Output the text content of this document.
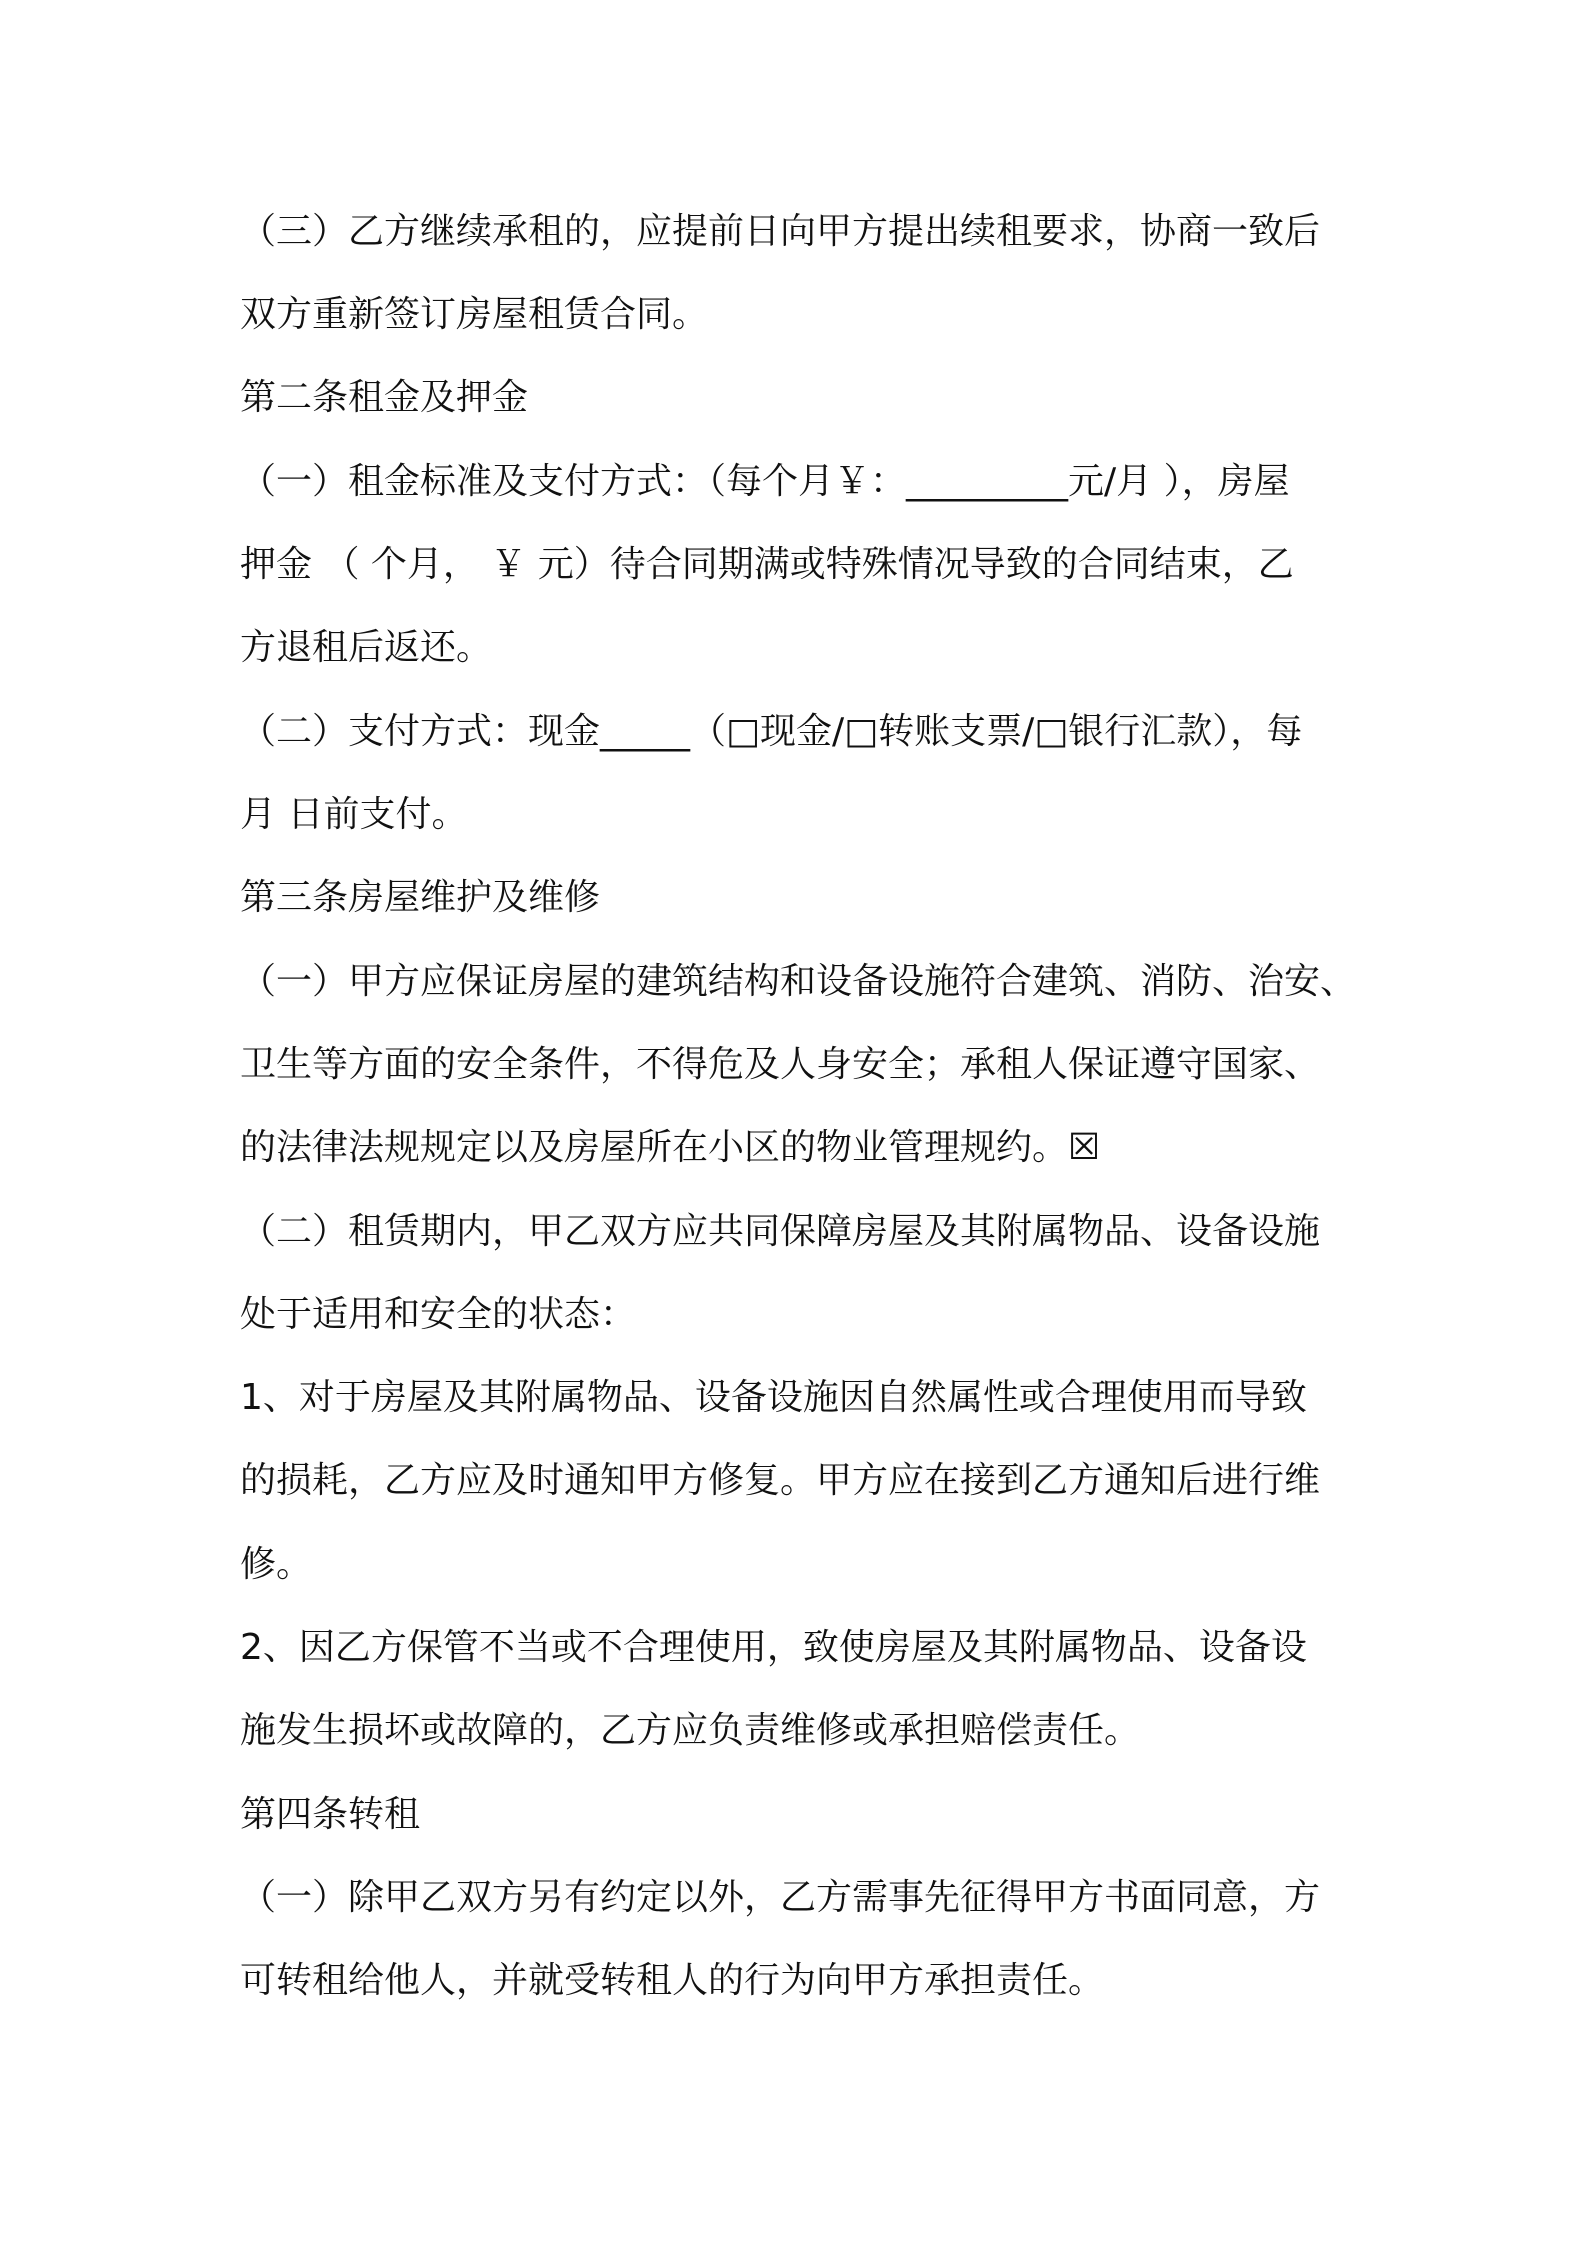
（三）乙方继续承租的，应提前日向甲方提出续租要求，协商一致后
双方重新签订房屋租赁合同。
第二条租金及押金
（一）租金标准及支付方式：（每个月￥：_________元/月 ），房屋
押金 （ 个月， ￥ 元）待合同期满或特殊情况导致的合同结束，乙
方退租后返还。
（二）支付方式：现金_____（□现金/□转账支票/□银行汇款），每
月 日前支付。
第三条房屋维护及维修
（一）甲方应保证房屋的建筑结构和设备设施符合建筑、消防、治安、
卫生等方面的安全条件，不得危及人身安全；承租人保证遵守国家、
的法律法规规定以及房屋所在小区的物业管理规约。☒
（二）租赁期内，甲乙双方应共同保障房屋及其附属物品、设备设施
处于适用和安全的状态：
1、对于房屋及其附属物品、设备设施因自然属性或合理使用而导致
的损耗，乙方应及时通知甲方修复。甲方应在接到乙方通知后进行维
修。
2、因乙方保管不当或不合理使用，致使房屋及其附属物品、设备设
施发生损坏或故障的，乙方应负责维修或承担赔偿责任。
第四条转租
（一）除甲乙双方另有约定以外，乙方需事先征得甲方书面同意，方
可转租给他人，并就受转租人的行为向甲方承担责任。
